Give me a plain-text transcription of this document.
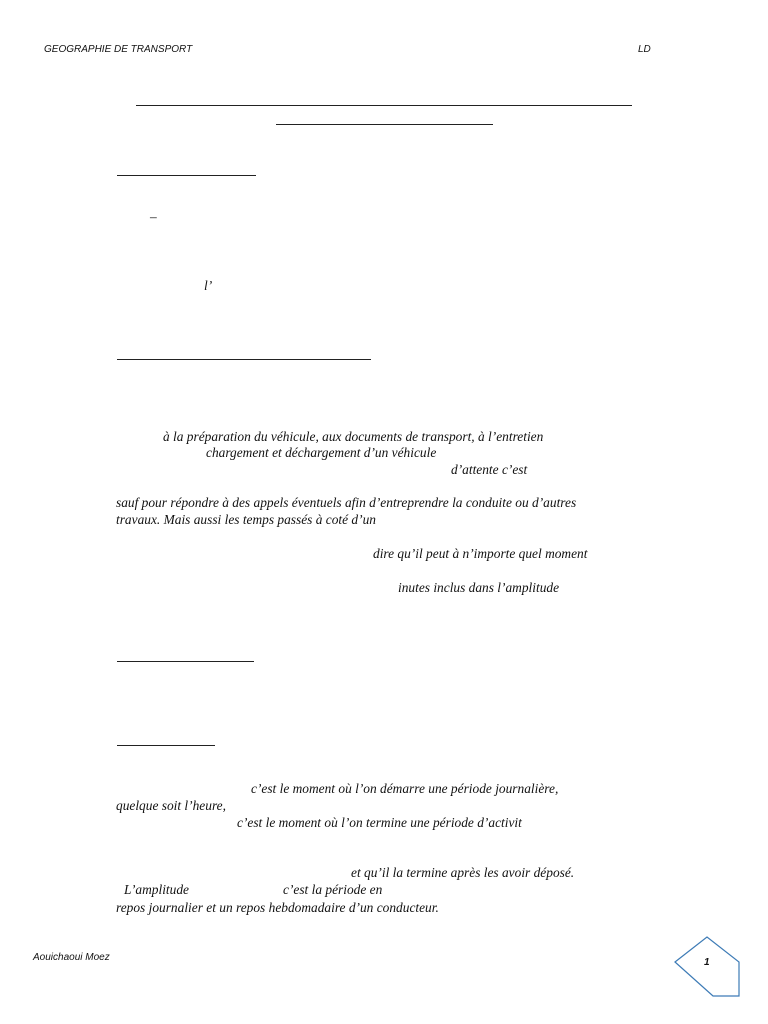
GEOGRAPHIE DE TRANSPORT	LD
–
l’
à la préparation du véhicule, aux documents de transport, à l’entretien
chargement et déchargement d’un véhicule
d’attente c’est
sauf pour répondre à des appels éventuels afin d’entreprendre la conduite ou d’autres
travaux. Mais aussi les temps passés à coté d’un
dire qu’il peut à n’importe quel moment
inutes inclus dans l’amplitude
c’est le moment où l’on démarre une période journalière,
quelque soit l’heure,
c’est le moment où l’on termine une période d’activit
et qu’il la termine après les avoir déposé.
L’amplitude	c’est la période en
repos journalier et un repos hebdomadaire d’un conducteur.
Aouichaoui Moez	1
